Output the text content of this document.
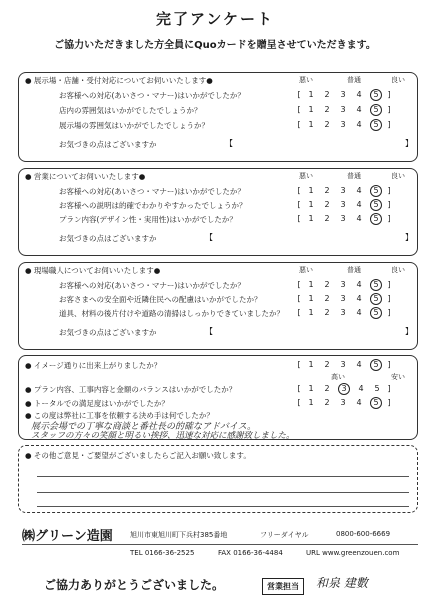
完了アンケート
ご協力いただきました方全員にQuoカードを贈呈させていただきます。
● 展示場・店舗・受付対応についてお伺いいたします●	悪い	普通	良い
お客様への対応(あいさつ・マナー)はいかがでしたか？	[ 1 2 3 4 5 ]
店内の雰囲気はいかがでしたでしょうか？	[ 1 2 3 4 5 ]
展示場の雰囲気はいかがでしたでしょうか？	[ 1 2 3 4 5 ]
お気づきの点はございますか	【	】
● 営業についてお伺いいたします●	悪い	普通	良い
お客様への対応(あいさつ・マナー)はいかがでしたか？	[ 1 2 3 4 5 ]
お客様への説明は的確でわかりやすかったでしょうか？	[ 1 2 3 4 5 ]
プラン内容(デザイン性・実用性)はいかがでしたか？	[ 1 2 3 4 5 ]
お気づきの点はございますか	【	】
● 現場職人についてお伺いいたします●	悪い	普通	良い
お客様への対応(あいさつ・マナー)はいかがでしたか？	[ 1 2 3 4 5 ]
お客さまへの安全面や近隣住民への配慮はいかがでしたか？	[ 1 2 3 4 5 ]
道具、材料の後片付けや道路の清掃はしっかりできていましたか？	[ 1 2 3 4 5 ]
お気づきの点はございますか	【	】
● イメージ通りに出来上がりましたか？	[ 1 2 3 4 5 ]
高い	安い
● プラン内容、工事内容と金額のバランスはいかがでしたか？	[ 1 2 3 4 5 ]
● トータルでの満足度はいかがでしたか？	[ 1 2 3 4 5 ]
● この度は弊社に工事を依頼する決め手は何でしたか？
展示会場での丁寧な商談と番社長の的確なアドバイス。
スタッフの方々の笑顔と明るい挨拶、迅速な対応に感謝致しました。
● その他ご意見・ご要望がございましたらご記入お願い致します。
㈱グリーン造園 旭川市東旭川町下兵村385番地	フリーダイヤル	0800-600-6669
TEL 0166-36-2525	FAX 0166-36-4484	URL www.greenzouen.com
ご協力ありがとうございました。	営業担当	和泉 建數
